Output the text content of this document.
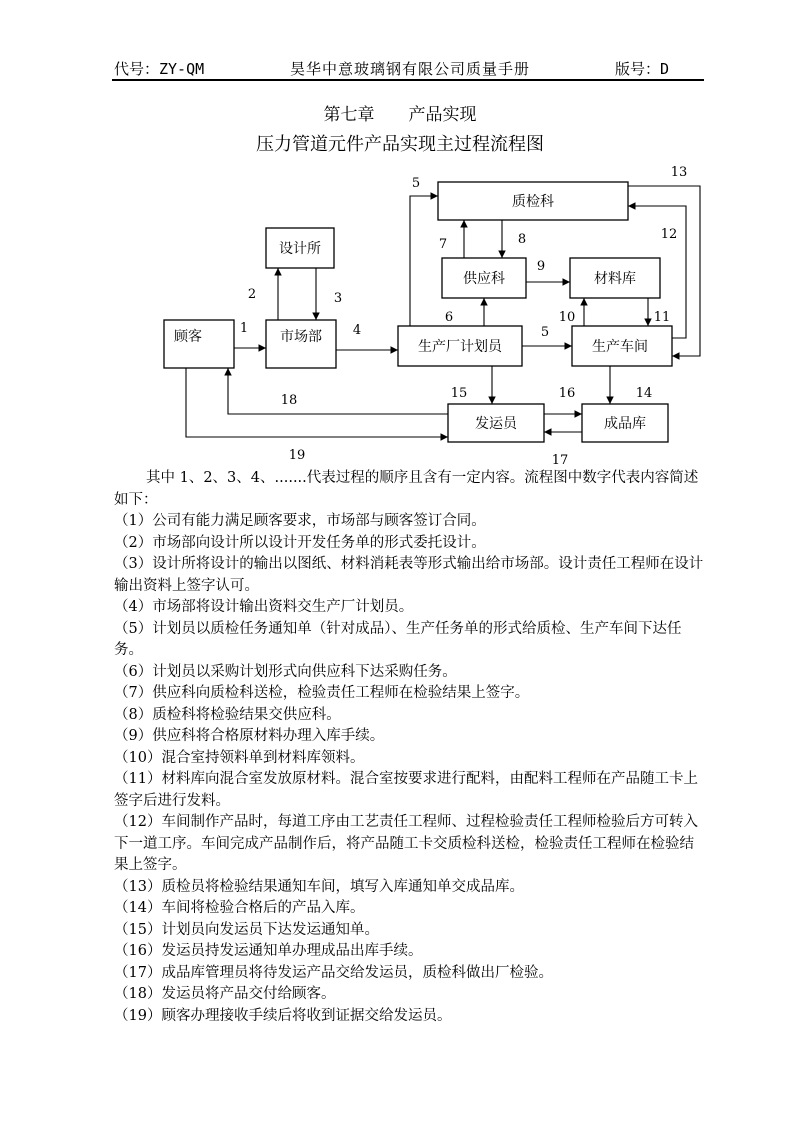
代号：ZY-QM	昊华中意玻璃钢有限公司质量手册	版号：D
第七章　　产品实现
压力管道元件产品实现主过程流程图
质检科
设计所
供应科	材料库
顾客	市场部
生产厂计划员	生产车间
发运员	成品库
1
2	3
4
5
5
6
7	8
9
10	11
12
13
14
15	16
17
18
19

其中 1、2、3、4、.......代表过程的顺序且含有一定内容。流程图中数字代表内容简述如下：

（1）公司有能力满足顾客要求，市场部与顾客签订合同。
（2）市场部向设计所以设计开发任务单的形式委托设计。
（3）设计所将设计的输出以图纸、材料消耗表等形式输出给市场部。设计责任工程师在设计输出资料上签字认可。
（4）市场部将设计输出资料交生产厂计划员。
（5）计划员以质检任务通知单（针对成品）、生产任务单的形式给质检、生产车间下达任务。
（6）计划员以采购计划形式向供应科下达采购任务。
（7）供应科向质检科送检，检验责任工程师在检验结果上签字。
（8）质检科将检验结果交供应科。
（9）供应科将合格原材料办理入库手续。
（10）混合室持领料单到材料库领料。
（11）材料库向混合室发放原材料。混合室按要求进行配料，由配料工程师在产品随工卡上签字后进行发料。
（12）车间制作产品时，每道工序由工艺责任工程师、过程检验责任工程师检验后方可转入下一道工序。车间完成产品制作后，将产品随工卡交质检科送检，检验责任工程师在检验结果上签字。
（13）质检员将检验结果通知车间，填写入库通知单交成品库。
（14）车间将检验合格后的产品入库。
（15）计划员向发运员下达发运通知单。
（16）发运员持发运通知单办理成品出库手续。
（17）成品库管理员将待发运产品交给发运员，质检科做出厂检验。
（18）发运员将产品交付给顾客。
（19）顾客办理接收手续后将收到证据交给发运员。
